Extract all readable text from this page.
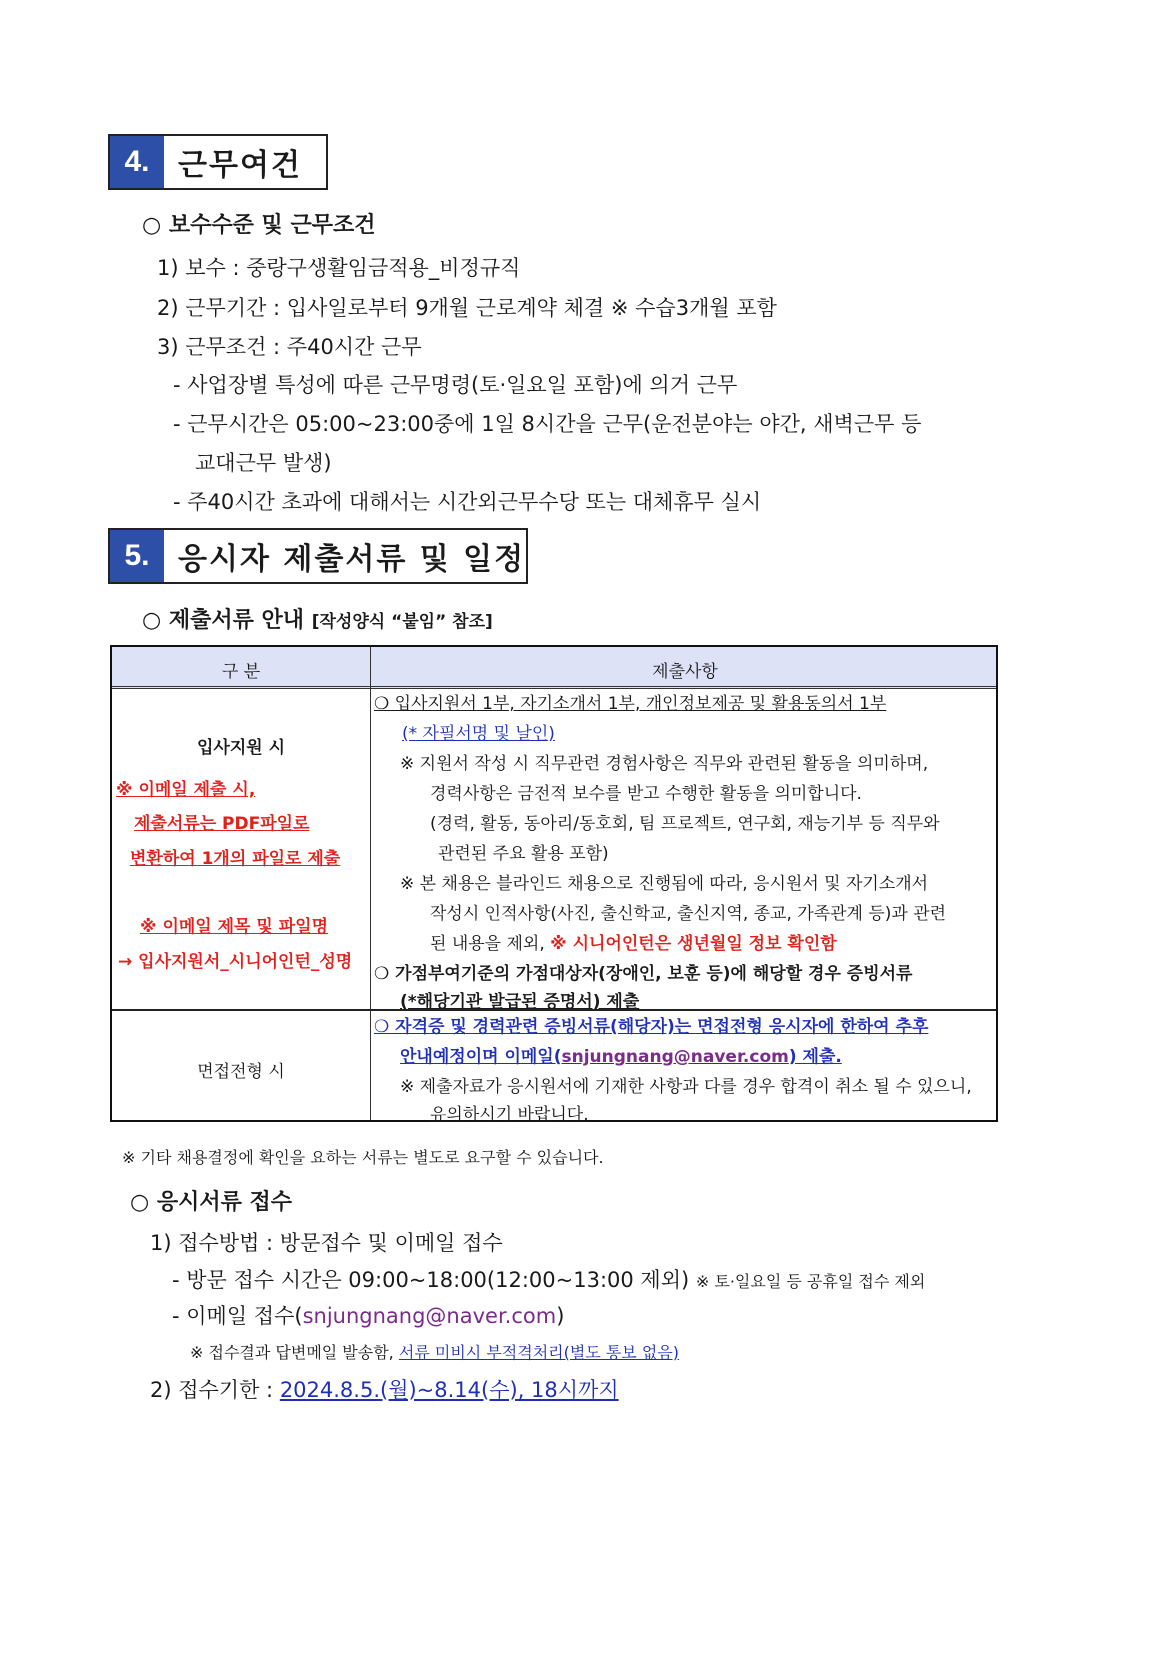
4. 근무여건
○ 보수수준 및 근무조건
1) 보수 : 중랑구생활임금적용_비정규직
2) 근무기간 : 입사일로부터 9개월 근로계약 체결 ※ 수습3개월 포함
3) 근무조건 : 주40시간 근무
- 사업장별 특성에 따른 근무명령(토·일요일 포함)에 의거 근무
- 근무시간은 05:00~23:00중에 1일 8시간을 근무(운전분야는 야간, 새벽근무 등
교대근무 발생)
- 주40시간 초과에 대해서는 시간외근무수당 또는 대체휴무 실시
5. 응시자 제출서류 및 일정
○ 제출서류 안내 [작성양식 “붙임” 참조]
구 분	제출사항
입사지원 시
※ 이메일 제출 시,
제출서류는 PDF파일로
변환하여 1개의 파일로 제출
※ 이메일 제목 및 파일명
→ 입사지원서_시니어인턴_성명
❍ 입사지원서 1부, 자기소개서 1부, 개인정보제공 및 활용동의서 1부
(* 자필서명 및 날인)
※ 지원서 작성 시 직무관련 경험사항은 직무와 관련된 활동을 의미하며,
경력사항은 금전적 보수를 받고 수행한 활동을 의미합니다.
(경력, 활동, 동아리/동호회, 팀 프로젝트, 연구회, 재능기부 등 직무와
관련된 주요 활용 포함)
※ 본 채용은 블라인드 채용으로 진행됨에 따라, 응시원서 및 자기소개서
작성시 인적사항(사진, 출신학교, 출신지역, 종교, 가족관계 등)과 관련
된 내용을 제외, ※ 시니어인턴은 생년월일 정보 확인함
❍ 가점부여기준의 가점대상자(장애인, 보훈 등)에 해당할 경우 증빙서류
(*해당기관 발급된 증명서) 제출
면접전형 시
❍ 자격증 및 경력관련 증빙서류(해당자)는 면접전형 응시자에 한하여 추후
안내예정이며 이메일(snjungnang@naver.com) 제출.
※ 제출자료가 응시원서에 기재한 사항과 다를 경우 합격이 취소 될 수 있으니,
유의하시기 바랍니다.
※ 기타 채용결정에 확인을 요하는 서류는 별도로 요구할 수 있습니다.
○ 응시서류 접수
1) 접수방법 : 방문접수 및 이메일 접수
- 방문 접수 시간은 09:00~18:00(12:00~13:00 제외) ※ 토·일요일 등 공휴일 접수 제외
- 이메일 접수(snjungnang@naver.com)
※ 접수결과 답변메일 발송함, 서류 미비시 부적격처리(별도 통보 없음)
2) 접수기한 : 2024.8.5.(월)~8.14(수), 18시까지
